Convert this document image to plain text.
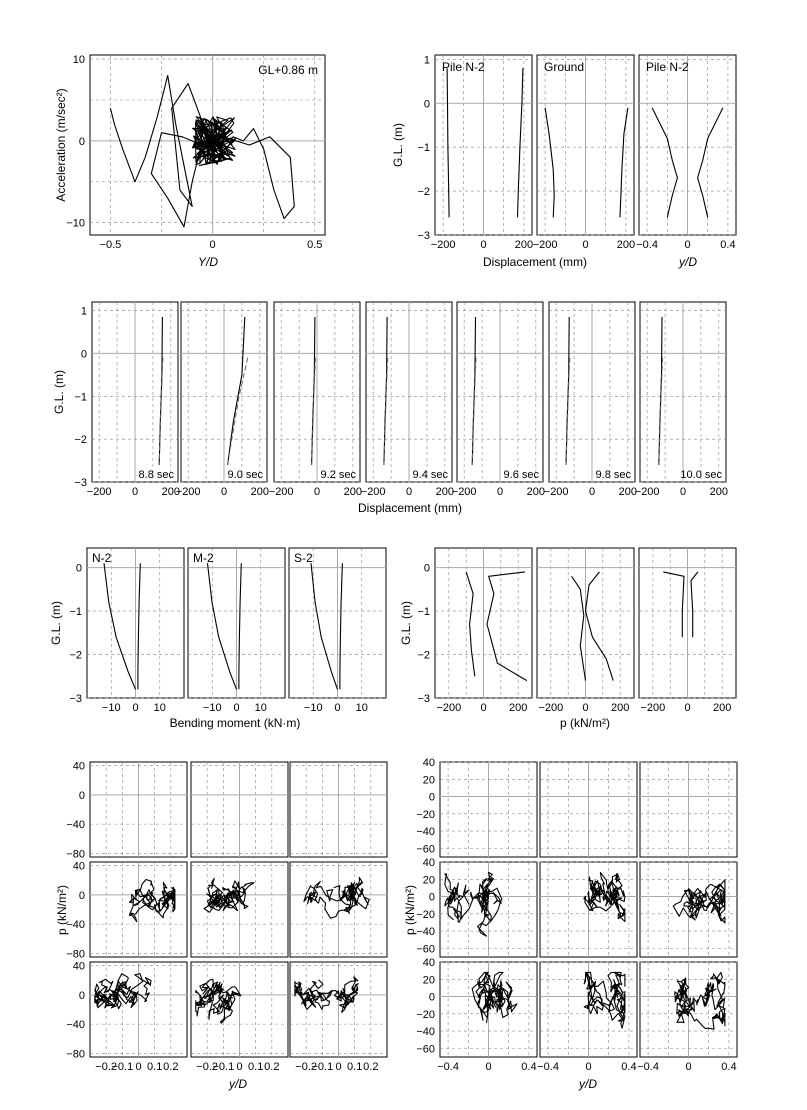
−0.5	0	0.5
−10
0
10
GL+0.86 m
Y/D
Acceleration (m/sec²)
−200 0	200
−3
−2
−1
0
1 Pile N-2
−200 0	200
Ground
−0.4 0	0.4
Pile N-2
Displacement (mm)	y/D
G.L. (m)
−200 0 200
−3
−2
−1
0
1
8.8 sec
−200 0 200
9.0 sec
−200 0 200
9.2 sec
−200 0 200
9.4 sec
−200 0 200
9.6 sec
−200 0 200
9.8 sec
−200 0 200
10.0 sec
Displacement (mm)
G.L. (m)
−10 0 10
−3
−2
−1
0
N-2
−10 0 10
M-2
−10 0 10
S-2
Bending moment (kN·m)
G.L. (m)
−200 0 200
−3
−2
−1
0
−200 0 200 −200 0 200
p (kN/m²)
G.L. (m)
−80
−40
0
40
−80
−40
0
40
−80
−40
0
40
−0.2
−0.1 0 0.1 0.2 −0.2
−0.1 0 0.1 0.2 −0.2
−0.1 0 0.1 0.2
y/D
p (kN/m²)
−60
−40
−20
0
20
40
−60
−40
−20
0
20
40
−60
−40
−20
0
20
40
−0.4 0	0.4 −0.4 0	0.4 −0.4 0	0.4
y/D
p (kN/m²)
